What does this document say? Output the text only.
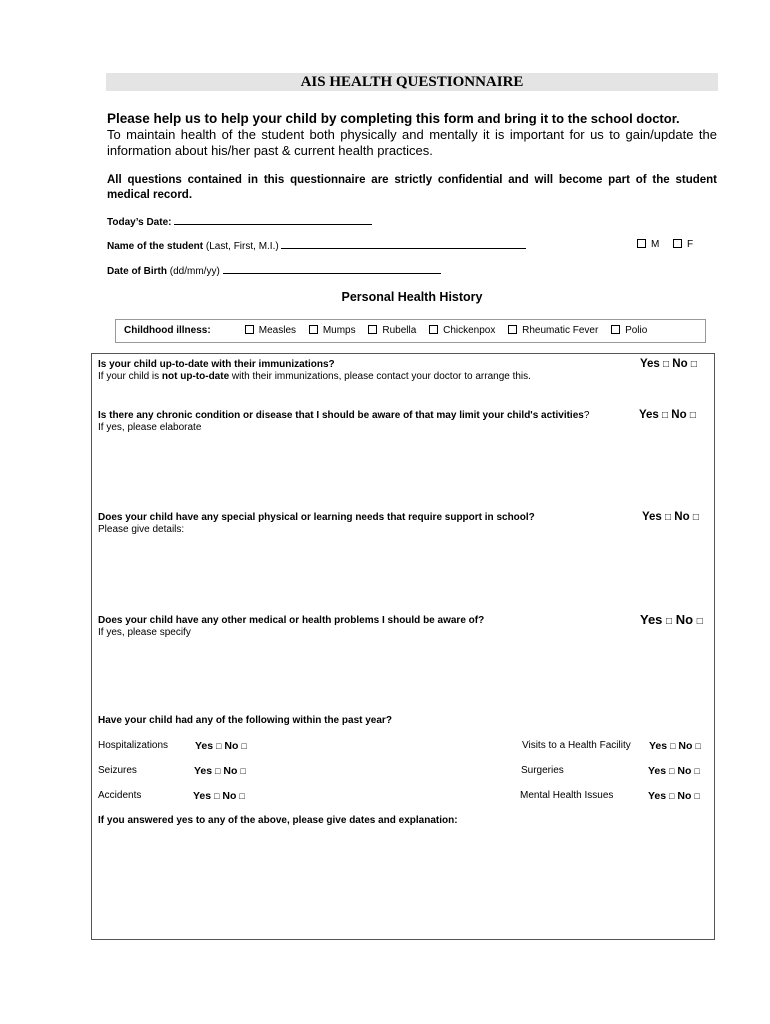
AIS HEALTH QUESTIONNAIRE
Please help us to help your child by completing this form and bring it to the school doctor.
To maintain health of the student both physically and mentally it is important for us to gain/update the information about his/her past & current health practices.
All questions contained in this questionnaire are strictly confidential and will become part of the student medical record.
Today’s Date:
Name of the student (Last, First, M.I.)	M	F
Date of Birth (dd/mm/yy)
Personal Health History
Childhood illness:	Measles	Mumps	Rubella	Chickenpox	Rheumatic Fever	Polio
Is your child up-to-date with their immunizations?
If your child is not up-to-date with their immunizations, please contact your doctor to arrange this.
Yes □ No □
Is there any chronic condition or disease that I should be aware of that may limit your child's activities?
If yes, please elaborate
Yes □ No □
Does your child have any special physical or learning needs that require support in school?
Please give details:
Yes □ No □
Does your child have any other medical or health problems I should be aware of?
If yes, please specify
Yes □ No □
Have your child had any of the following within the past year?
Hospitalizations	Yes □ No □	Visits to a Health Facility Yes □ No □
Seizures	Yes □ No □	Surgeries	Yes □ No □
Accidents	Yes □ No □	Mental Health Issues	Yes □ No □
If you answered yes to any of the above, please give dates and explanation:
